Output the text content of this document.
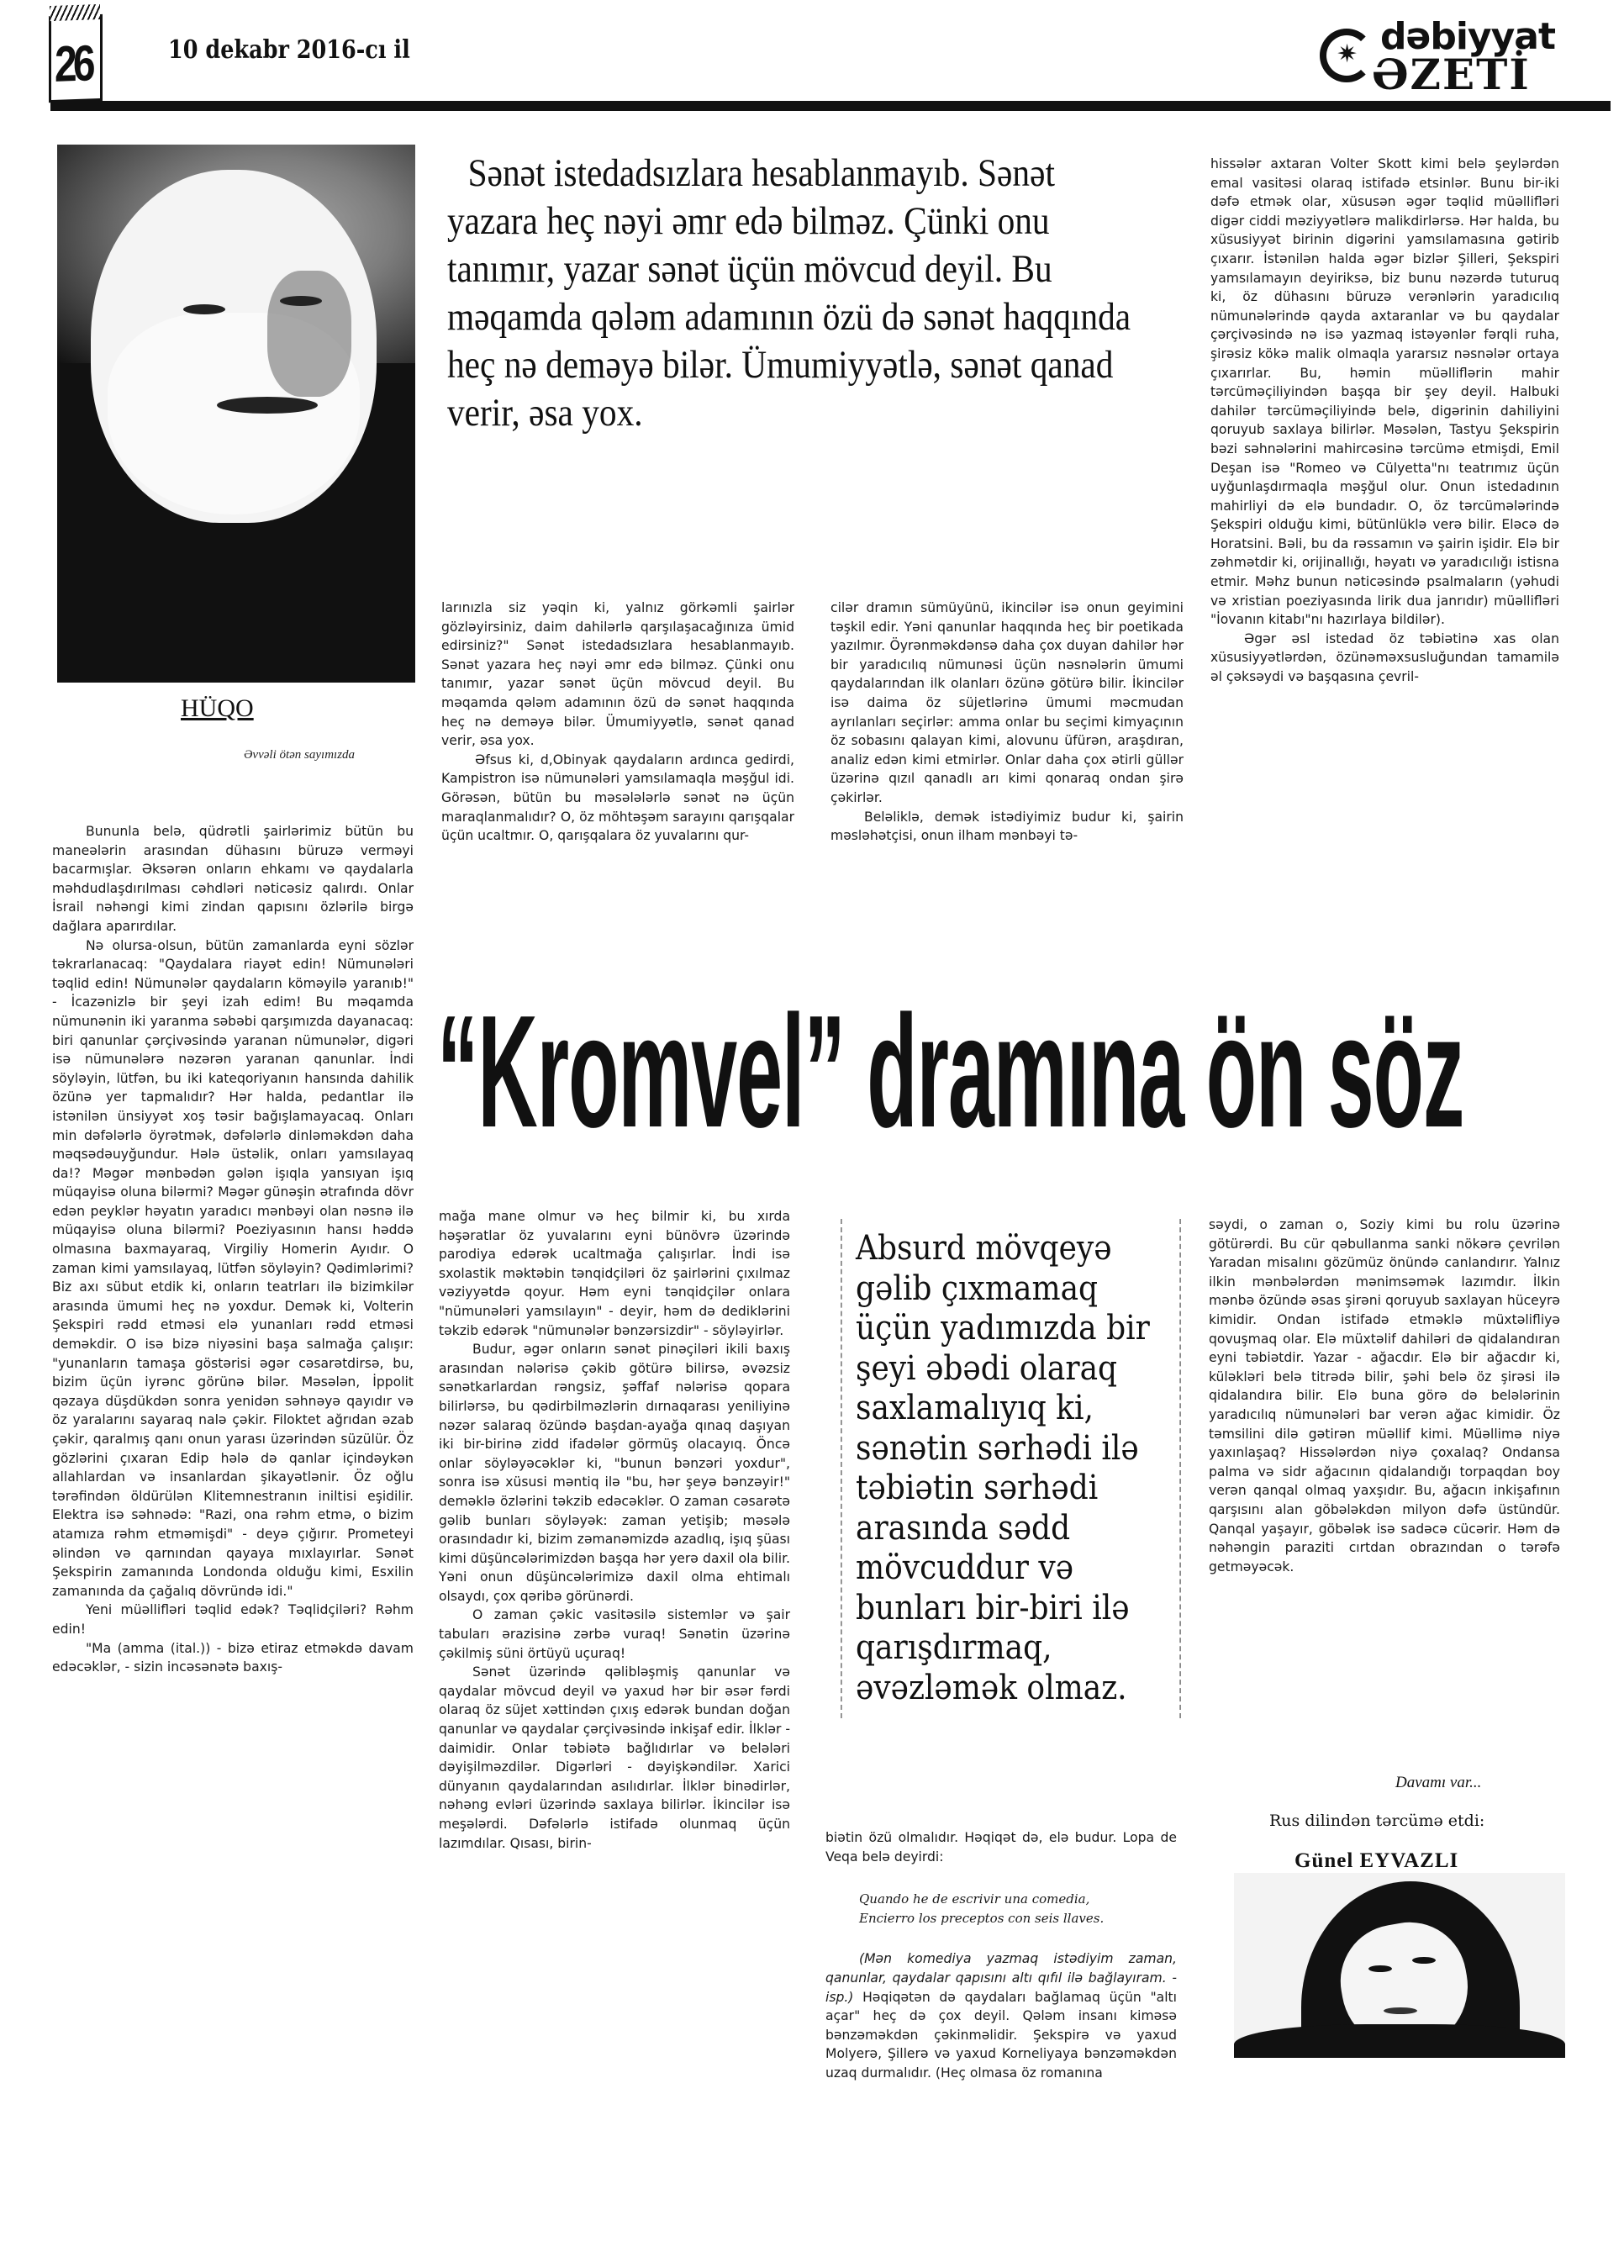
26	10 dekabr 2016-cı il	✷ dəbiyyat
ƏZETİ
HÜQO
Əvvəli ötən sayımızda
Sənət istedadsızlara hesablanmayıb. Sənət yazara heç nəyi əmr edə bilməz. Çünki onu tanımır, yazar sənət üçün mövcud deyil. Bu məqamda qələm adamının özü də sənət haqqında heç nə deməyə bilər. Ümumiyyətlə, sənət qanad verir, əsa yox.

Bununla belə, qüdrətli şairlərimiz bütün bu maneələrin arasından dühasını büruzə verməyi bacarmışlar. Əksərən onların ehkamı və qaydalarla məhdudlaşdırılması cəhdləri nəticəsiz qalırdı. Onlar İsrail nəhəngi kimi zindan qapısını özlərilə birgə dağlara aparırdılar.

Nə olursa-olsun, bütün zamanlarda eyni sözlər təkrarlanacaq: "Qaydalara riayət edin! Nümunələri təqlid edin! Nümunələr qaydaların köməyilə yaranıb!" - İcazənizlə bir şeyi izah edim! Bu məqamda nümunənin iki yaranma səbəbi qarşımızda dayanacaq: biri qanunlar çərçivəsində yaranan nümunələr, digəri isə nümunələrə nəzərən yaranan qanunlar. İndi söyləyin, lütfən, bu iki kateqoriyanın hansında dahilik özünə yer tapmalıdır? Hər halda, pedantlar ilə istənilən ünsiyyət xoş təsir bağışlamayacaq. Onları min dəfələrlə öyrətmək, dəfələrlə dinləməkdən daha məqsədəuyğundur. Hələ üstəlik, onları yamsılayaq da!? Məgər mənbədən gələn işıqla yansıyan işıq müqayisə oluna bilərmi? Məgər günəşin ətrafında dövr edən peyklər həyatın yaradıcı mənbəyi olan nəsnə ilə müqayisə oluna bilərmi? Poeziyasının hansı həddə olmasına baxmayaraq, Virgiliy Homerin Ayıdır. O zaman kimi yamsılayaq, lütfən söyləyin? Qədimlərimi? Biz axı sübut etdik ki, onların teatrları ilə bizimkilər arasında ümumi heç nə yoxdur. Demək ki, Volterin Şekspiri rədd etməsi elə yunanları rədd etməsi deməkdir. O isə bizə niyəsini başa salmağa çalışır: "yunanların tamaşa göstərisi əgər cəsarətdirsə, bu, bizim üçün iyrənc görünə bilər. Məsələn, İppolit qəzaya düşdükdən sonra yenidən səhnəyə qayıdır və öz yaralarını sayaraq nalə çəkir. Filoktet ağrıdan əzab çəkir, qaralmış qanı onun yarası üzərindən süzülür. Öz gözlərini çıxaran Edip hələ də qanlar içindəykən allahlardan və insanlardan şikayətlənir. Öz oğlu tərəfindən öldürülən Klitemnestranın iniltisi eşidilir. Elektra isə səhnədə: "Razi, ona rəhm etmə, o bizim atamıza rəhm etməmişdi" - deyə çığırır. Prometeyi əlindən və qarnından qayaya mıxlayırlar. Sənət Şekspirin zamanında Londonda olduğu kimi, Esxilin zamanında da çağalıq dövründə idi."

Yeni müəllifləri təqlid edək? Təqlidçiləri? Rəhm edin!

"Ma (amma (ital.)) - bizə etiraz etməkdə davam edəcəklər, - sizin incəsənətə baxış-

larınızla siz yəqin ki, yalnız görkəmli şairlər gözləyirsiniz, daim dahilərlə qarşılaşacağınıza ümid edirsiniz?" Sənət istedadsızlara hesablanmayıb. Sənət yazara heç nəyi əmr edə bilməz. Çünki onu tanımır, yazar sənət üçün mövcud deyil. Bu məqamda qələm adamının özü də sənət haqqında heç nə deməyə bilər. Ümumiyyətlə, sənət qanad verir, əsa yox.

Əfsus ki, d,Obinyak qaydaların ardınca gedirdi, Kampistron isə nümunələri yamsılamaqla məşğul idi. Görəsən, bütün bu məsələlərlə sənət nə üçün maraqlanmalıdır? O, öz möhtəşəm sarayını qarışqalar üçün ucaltmır. O, qarışqalara öz yuvalarını qur-

cilər dramın sümüyünü, ikincilər isə onun geyimini təşkil edir. Yəni qanunlar haqqında heç bir poetikada yazılmır. Öyrənməkdənsə daha çox duyan dahilər hər bir yaradıcılıq nümunəsi üçün nəsnələrin ümumi qaydalarından ilk olanları özünə götürə bilir. İkincilər isə daima öz süjetlərinə ümumi məcmudan ayrılanları seçirlər: amma onlar bu seçimi kimyaçının öz sobasını qalayan kimi, alovunu üfürən, araşdıran, analiz edən kimi etmirlər. Onlar daha çox ətirli güllər üzərinə qızıl qanadlı arı kimi qonaraq ondan şirə çəkirlər.

Beləliklə, demək istədiyimiz budur ki, şairin məsləhətçisi, onun ilham mənbəyi tə-

hissələr axtaran Volter Skott kimi belə şeylərdən emal vasitəsi olaraq istifadə etsinlər. Bunu bir-iki dəfə etmək olar, xüsusən əgər təqlid müəllifləri digər ciddi məziyyətlərə malikdirlərsə. Hər halda, bu xüsusiyyət birinin digərini yamsılamasına gətirib çıxarır. İstənilən halda əgər bizlər Şilleri, Şekspiri yamsılamayın deyiriksə, biz bunu nəzərdə tuturuq ki, öz dühasını büruzə verənlərin yaradıcılıq nümunələrində qayda axtaranlar və bu qaydalar çərçivəsində nə isə yazmaq istəyənlər fərqli ruha, şirəsiz kökə malik olmaqla yararsız nəsnələr ortaya çıxarırlar. Bu, həmin müəlliflərin mahir tərcüməçiliyindən başqa bir şey deyil. Halbuki dahilər tərcüməçiliyində belə, digərinin dahiliyini qoruyub saxlaya bilirlər. Məsələn, Tastyu Şekspirin bəzi səhnələrini mahircəsinə tərcümə etmişdi, Emil Deşan isə "Romeo və Cülyetta"nı teatrımız üçün uyğunlaşdırmaqla məşğul olur. Onun istedadının mahirliyi də elə bundadır. O, öz tərcümələrində Şekspiri olduğu kimi, bütünlüklə verə bilir. Eləcə də Horatsini. Bəli, bu da rəssamın və şairin işidir. Elə bir zəhmətdir ki, orijinallığı, həyatı və yaradıcılığı istisna etmir. Məhz bunun nəticəsində psalmaların (yəhudi və xristian poeziyasında lirik dua janrıdır) müəllifləri "İovanın kitabı"nı hazırlaya bildilər).

Əgər əsl istedad öz təbiətinə xas olan xüsusiyyətlərdən, özünəməxsusluğundan tamamilə əl çəksəydi və başqasına çevril-

“Kromvel” dramına ön söz

mağa mane olmur və heç bilmir ki, bu xırda həşəratlar öz yuvalarını eyni bünövrə üzərində parodiya edərək ucaltmağa çalışırlar. İndi isə sxolastik məktəbin tənqidçiləri öz şairlərini çıxılmaz vəziyyətdə qoyur. Həm eyni tənqidçilər onlara "nümunələri yamsılayın" - deyir, həm də dediklərini təkzib edərək "nümunələr bənzərsizdir" - söyləyirlər.

Budur, əgər onların sənət pinəçiləri ikili baxış arasından nələrisə çəkib götürə bilirsə, əvəzsiz sənətkarlardan rəngsiz, şəffaf nələrisə qopara bilirlərsə, bu qədirbilməzlərin dırnaqarası yeniliyinə nəzər salaraq özündə başdan-ayağa qınaq daşıyan iki bir-birinə zidd ifadələr görmüş olacayıq. Öncə onlar söyləyəcəklər ki, "bunun bənzəri yoxdur", sonra isə xüsusi məntiq ilə "bu, hər şeyə bənzəyir!" deməklə özlərini təkzib edəcəklər. O zaman cəsarətə gəlib bunları söyləyək: zaman yetişib; məsələ orasındadır ki, bizim zəmanəmizdə azadlıq, işıq şüası kimi düşüncələrimizdən başqa hər yerə daxil ola bilir. Yəni onun düşüncələrimizə daxil olma ehtimalı olsaydı, çox qəribə görünərdi.

O zaman çəkic vasitəsilə sistemlər və şair tabuları ərazisinə zərbə vuraq! Sənətin üzərinə çəkilmiş süni örtüyü uçuraq!

Sənət üzərində qəlibləşmiş qanunlar və qaydalar mövcud deyil və yaxud hər bir əsər fərdi olaraq öz süjet xəttindən çıxış edərək bundan doğan qanunlar və qaydalar çərçivəsində inkişaf edir. İlklər - daimidir. Onlar təbiətə bağlıdırlar və belələri dəyişilməzdilər. Digərləri - dəyişkəndilər. Xarici dünyanın qaydalarından asılıdırlar. İlklər binədirlər, nəhəng evləri üzərində saxlaya bilirlər. İkincilər isə meşələrdi. Dəfələrlə istifadə olunmaq üçün lazımdılar. Qısası, birin-

Absurd mövqeyə gəlib çıxmamaq üçün yadımızda bir şeyi əbədi olaraq saxlamalıyıq ki, sənətin sərhədi ilə təbiətin sərhədi arasında sədd mövcuddur və bunları bir-biri ilə qarışdırmaq, əvəzləmək olmaz.

biətin özü olmalıdır. Həqiqət də, elə budur. Lopa de Veqa belə deyirdi:

Quando he de escrivir una comedia,
Encierro los preceptos con seis llaves.

(Mən komediya yazmaq istədiyim zaman, qanunlar, qaydalar qapısını altı qıfıl ilə bağlayıram. - isp.) Həqiqətən də qaydaları bağlamaq üçün "altı açar" heç də çox deyil. Qələm insanı kiməsə bənzəməkdən çəkinməlidir. Şekspirə və yaxud Molyerə, Şillerə və yaxud Korneliyaya bənzəməkdən uzaq durmalıdır. (Heç olmasa öz romanına

səydi, o zaman o, Soziy kimi bu rolu üzərinə götürərdi. Bu cür qəbullanma sanki nökərə çevrilən Yaradan misalını gözümüz önündə canlandırır. Yalnız ilkin mənbələrdən mənimsəmək lazımdır. İlkin mənbə özündə əsas şirəni qoruyub saxlayan hüceyrə kimidir. Ondan istifadə etməklə müxtəlifliyə qovuşmaq olar. Elə müxtəlif dahiləri də qidalandıran eyni təbiətdir. Yazar - ağacdır. Elə bir ağacdır ki, küləkləri belə titrədə bilir, şəhi belə öz şirəsi ilə qidalandıra bilir. Elə buna görə də belələrinin yaradıcılıq nümunələri bar verən ağac kimidir. Öz təmsilini dilə gətirən müəllif kimi. Müəllimə niyə yaxınlaşaq? Hissələrdən niyə çoxalaq? Ondansa palma və sidr ağacının qidalandığı torpaqdan boy verən qanqal olmaq yaxşıdır. Bu, ağacın inkişafının qarşısını alan göbələkdən milyon dəfə üstündür. Qanqal yaşayır, göbələk isə sadəcə cücərir. Həm də nəhəngin paraziti cırtdan obrazından o tərəfə getməyəcək.

Davamı var...
Rus dilindən tərcümə etdi:
Günel EYVAZLI
